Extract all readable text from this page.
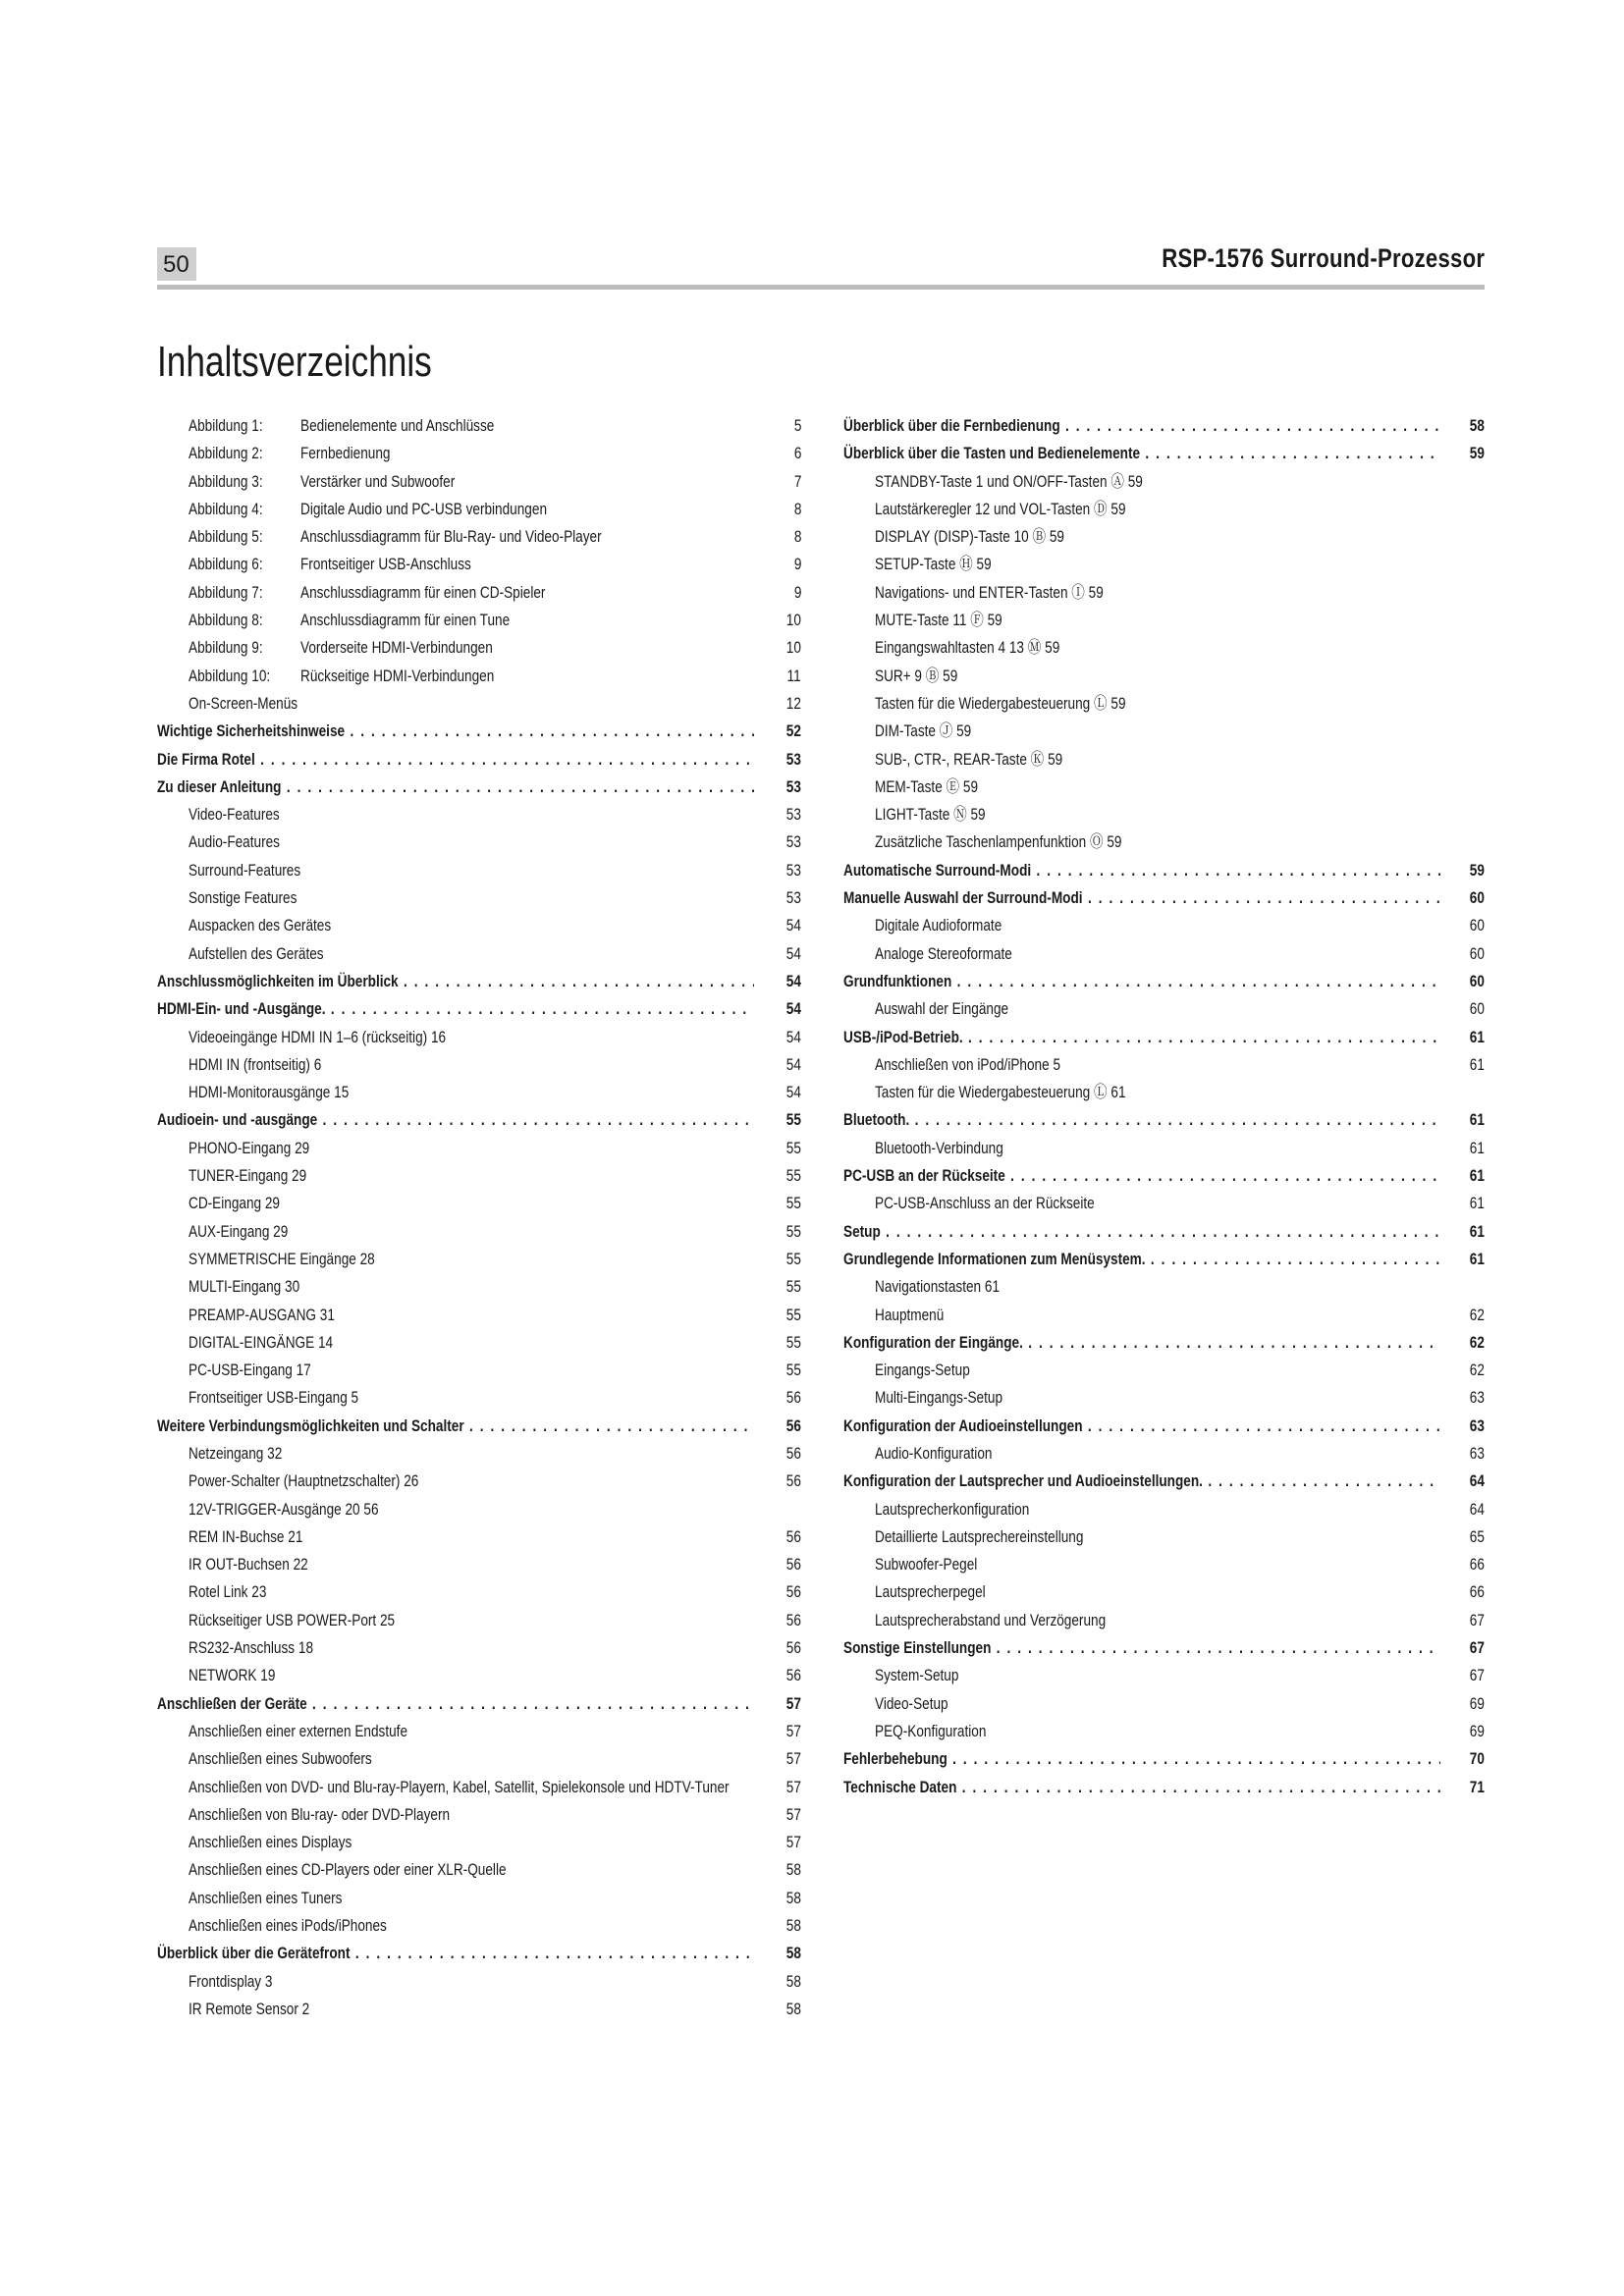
50	RSP-1576 Surround-Prozessor
Inhaltsverzeichnis
Abbildung 1: Bedienelemente und Anschlüsse	5
Abbildung 2: Fernbedienung	6
Abbildung 3: Verstärker und Subwoofer	7
Abbildung 4: Digitale Audio und PC-USB verbindungen	8
Abbildung 5: Anschlussdiagramm für Blu-Ray- und Video-Player	8
Abbildung 6: Frontseitiger USB-Anschluss	9
Abbildung 7: Anschlussdiagramm für einen CD-Spieler	9
Abbildung 8: Anschlussdiagramm für einen Tune	10
Abbildung 9: Vorderseite HDMI-Verbindungen	10
Abbildung 10: Rückseitige HDMI-Verbindungen	11
On-Screen-Menüs	12
Wichtige Sicherheitshinweise . . .	52
Die Firma Rotel . . .	53
Zu dieser Anleitung . . .	53
Video-Features	53
Audio-Features	53
Surround-Features	53
Sonstige Features	53
Auspacken des Gerätes	54
Aufstellen des Gerätes	54
Anschlussmöglichkeiten im Überblick . . .	54
HDMI-Ein- und -Ausgänge. . . .	54
Videoeingänge HDMI IN 1–6 (rückseitig) 16	54
HDMI IN (frontseitig) 6	54
HDMI-Monitorausgänge 15	54
Audioein- und -ausgänge . . .	55
PHONO-Eingang 29	55
TUNER-Eingang 29	55
CD-Eingang 29	55
AUX-Eingang 29	55
SYMMETRISCHE Eingänge 28	55
MULTI-Eingang 30	55
PREAMP-AUSGANG 31	55
DIGITAL-EINGÄNGE 14	55
PC-USB-Eingang 17	55
Frontseitiger USB-Eingang 5	56
Weitere Verbindungsmöglichkeiten und Schalter . . .	56
Netzeingang 32	56
Power-Schalter (Hauptnetzschalter) 26	56
12V-TRIGGER-Ausgänge 20 56
REM IN-Buchse 21	56
IR OUT-Buchsen 22	56
Rotel Link 23	56
Rückseitiger USB POWER-Port 25	56
RS232-Anschluss 18	56
NETWORK 19	56
Anschließen der Geräte . . .	57
Anschließen einer externen Endstufe	57
Anschließen eines Subwoofers	57
Anschließen von DVD- und Blu-ray-Playern, Kabel, Satellit, Spielekonsole und HDTV-Tuner	57
Anschließen von Blu-ray- oder DVD-Playern	57
Anschließen eines Displays	57
Anschließen eines CD-Players oder einer XLR-Quelle	58
Anschließen eines Tuners	58
Anschließen eines iPods/iPhones	58
Überblick über die Gerätefront . . .	58
Frontdisplay 3	58
IR Remote Sensor 2	58
Überblick über die Fernbedienung . . .	58
Überblick über die Tasten und Bedienelemente . . .	59
STANDBY-Taste 1 und ON/OFF-Tasten Ⓐ 59
Lautstärkeregler 12 und VOL-Tasten Ⓓ 59
DISPLAY (DISP)-Taste 10 Ⓑ 59
SETUP-Taste Ⓗ 59
Navigations- und ENTER-Tasten Ⓘ 59
MUTE-Taste 11 Ⓕ 59
Eingangswahltasten 4 13 Ⓜ 59
SUR+ 9 Ⓑ 59
Tasten für die Wiedergabesteuerung Ⓛ 59
DIM-Taste Ⓙ 59
SUB-, CTR-, REAR-Taste Ⓚ 59
MEM-Taste Ⓔ 59
LIGHT-Taste Ⓝ 59
Zusätzliche Taschenlampenfunktion Ⓞ 59
Automatische Surround-Modi . . .	59
Manuelle Auswahl der Surround-Modi . . .	60
Digitale Audioformate	60
Analoge Stereoformate	60
Grundfunktionen . . .	60
Auswahl der Eingänge	60
USB-/iPod-Betrieb. . . .	61
Anschließen von iPod/iPhone 5	61
Tasten für die Wiedergabesteuerung Ⓛ 61
Bluetooth. . . .	61
Bluetooth-Verbindung	61
PC-USB an der Rückseite . . .	61
PC-USB-Anschluss an der Rückseite	61
Setup . . .	61
Grundlegende Informationen zum Menüsystem. . . .	61
Navigationstasten 61
Hauptmenü	62
Konfiguration der Eingänge. . . .	62
Eingangs-Setup	62
Multi-Eingangs-Setup	63
Konfiguration der Audioeinstellungen . . .	63
Audio-Konfiguration	63
Konfiguration der Lautsprecher und Audioeinstellungen. . . .	64
Lautsprecherkonfiguration	64
Detaillierte Lautsprechereinstellung	65
Subwoofer-Pegel	66
Lautsprecherpegel	66
Lautsprecherabstand und Verzögerung	67
Sonstige Einstellungen . . .	67
System-Setup	67
Video-Setup	69
PEQ-Konfiguration	69
Fehlerbehebung . . .	70
Technische Daten . . .	71
